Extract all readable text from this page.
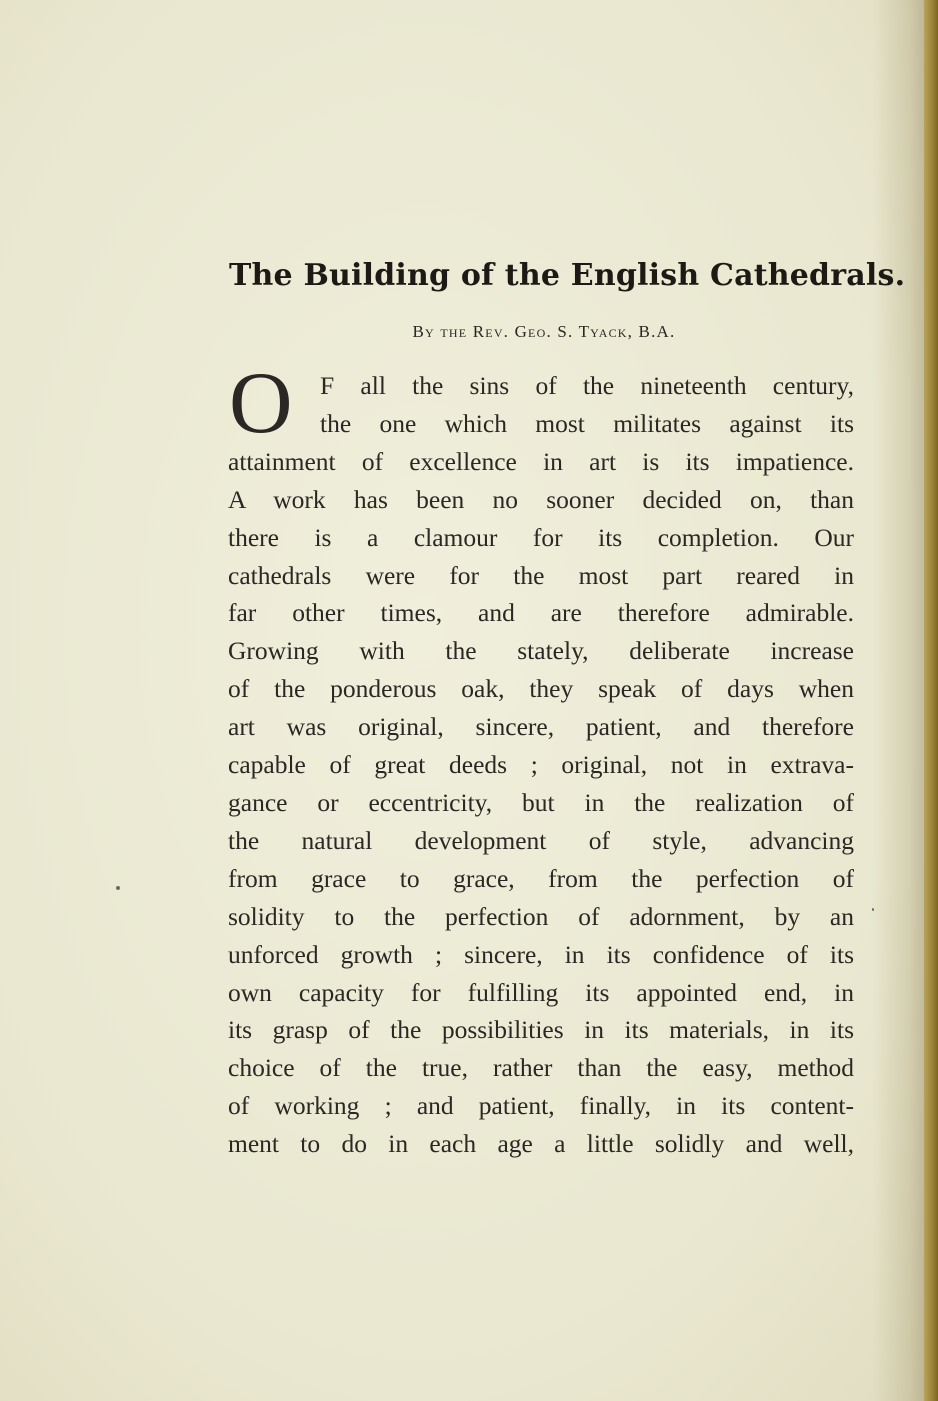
The Building of the English Cathedrals.
By the Rev. Geo. S. Tyack, B.A.
O	F all the sins of the nineteenth century,
the one which most militates against its
attainment of excellence in art is its impatience.
A work has been no sooner decided on, than
there is a clamour for its completion. Our
cathedrals were for the most part reared in
far other times, and are therefore admirable.
Growing with the stately, deliberate increase
of the ponderous oak, they speak of days when
art was original, sincere, patient, and therefore
capable of great deeds ; original, not in extrava-
gance or eccentricity, but in the realization of
the natural development of style, advancing
from grace to grace, from the perfection of
solidity to the perfection of adornment, by an
unforced growth ; sincere, in its confidence of its
own capacity for fulfilling its appointed end, in
its grasp of the possibilities in its materials, in its
choice of the true, rather than the easy, method
of working ; and patient, finally, in its content-
ment to do in each age a little solidly and well,
